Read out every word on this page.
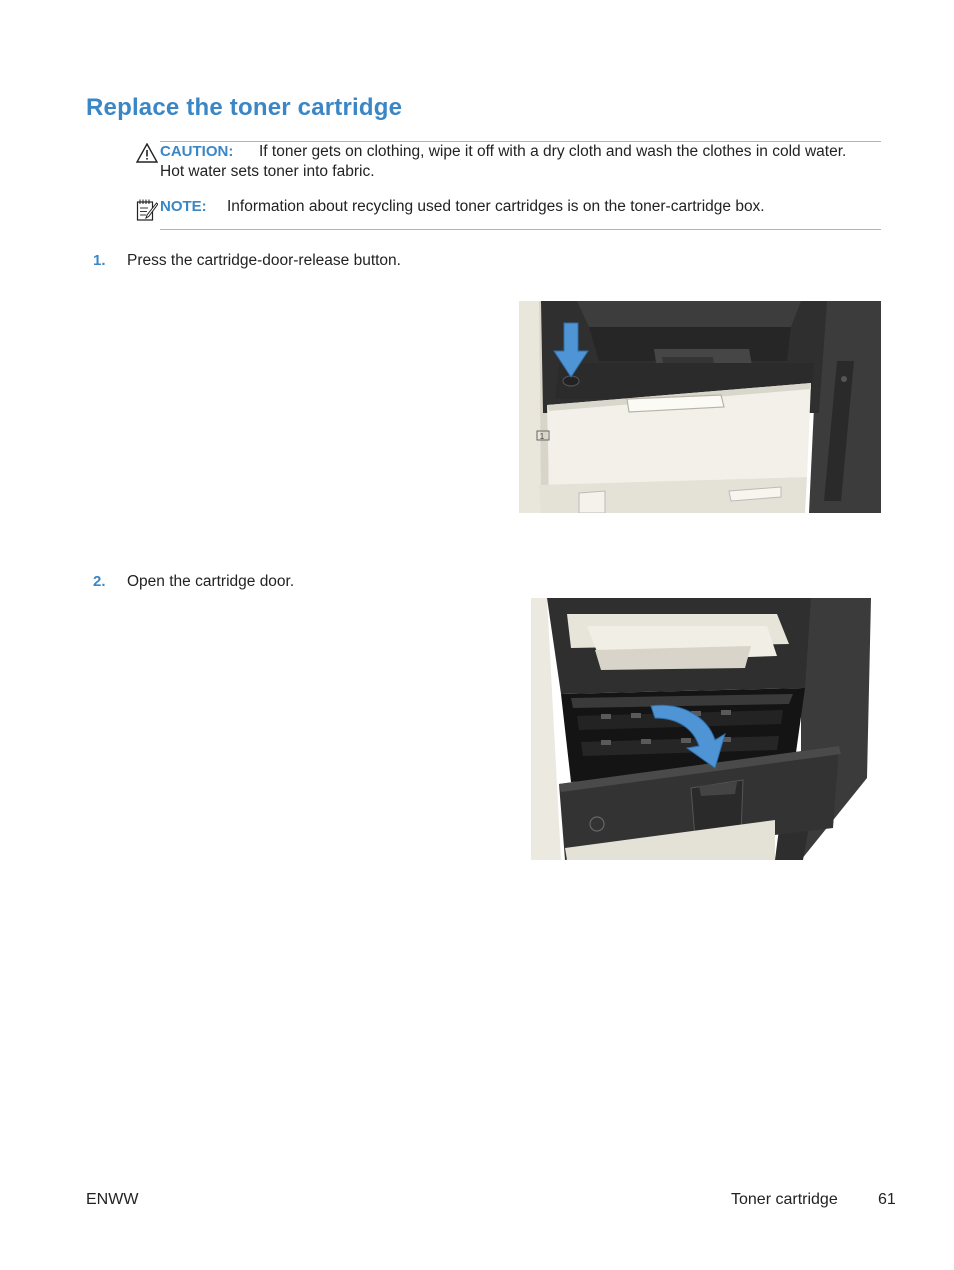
Replace the toner cartridge
CAUTION: If toner gets on clothing, wipe it off with a dry cloth and wash the clothes in cold water.
Hot water sets toner into fabric.
NOTE: Information about recycling used toner cartridges is on the toner-cartridge box.
1. Press the cartridge-door-release button.
1
2. Open the cartridge door.
ENWW	Toner cartridge	61
